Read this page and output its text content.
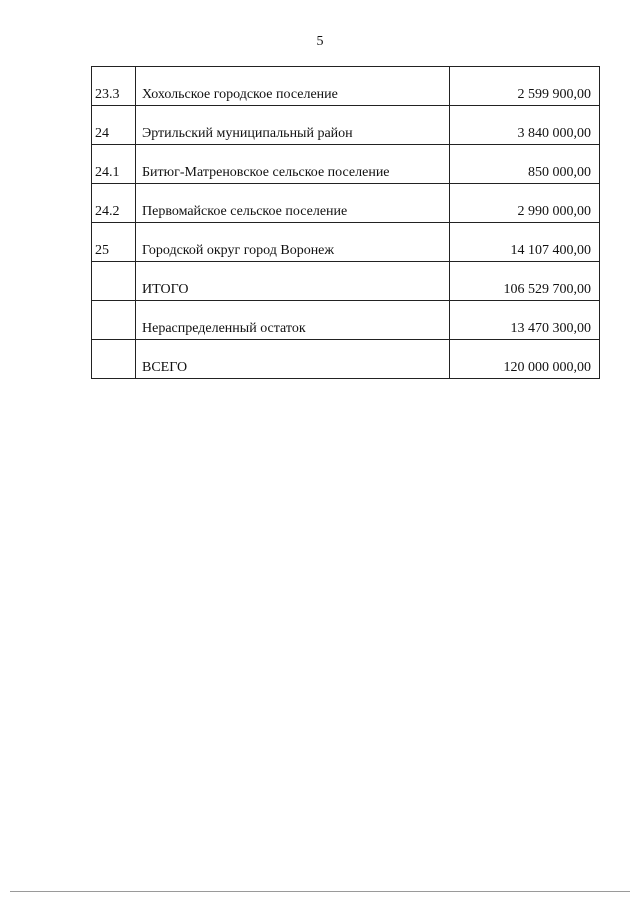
5
23.3	Хохольское городское поселение	2 599 900,00
24	Эртильский муниципальный район	3 840 000,00
24.1	Битюг-Матреновское сельское поселение	850 000,00
24.2	Первомайское сельское поселение	2 990 000,00
25	Городской округ город Воронеж	14 107 400,00
	ИТОГО	106 529 700,00
	Нераспределенный остаток	13 470 300,00
	ВСЕГО	120 000 000,00
